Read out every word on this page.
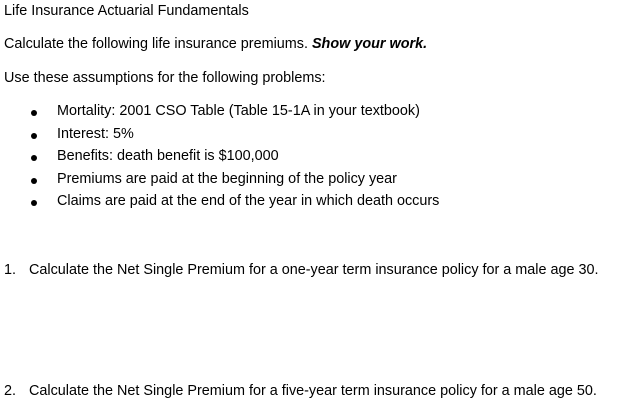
Life Insurance Actuarial Fundamentals
Calculate the following life insurance premiums. Show your work.
Use these assumptions for the following problems:
Mortality: 2001 CSO Table (Table 15-1A in your textbook)
Interest: 5%
Benefits: death benefit is $100,000
Premiums are paid at the beginning of the policy year
Claims are paid at the end of the year in which death occurs
1. Calculate the Net Single Premium for a one-year term insurance policy for a male age 30.
2. Calculate the Net Single Premium for a five-year term insurance policy for a male age 50.
